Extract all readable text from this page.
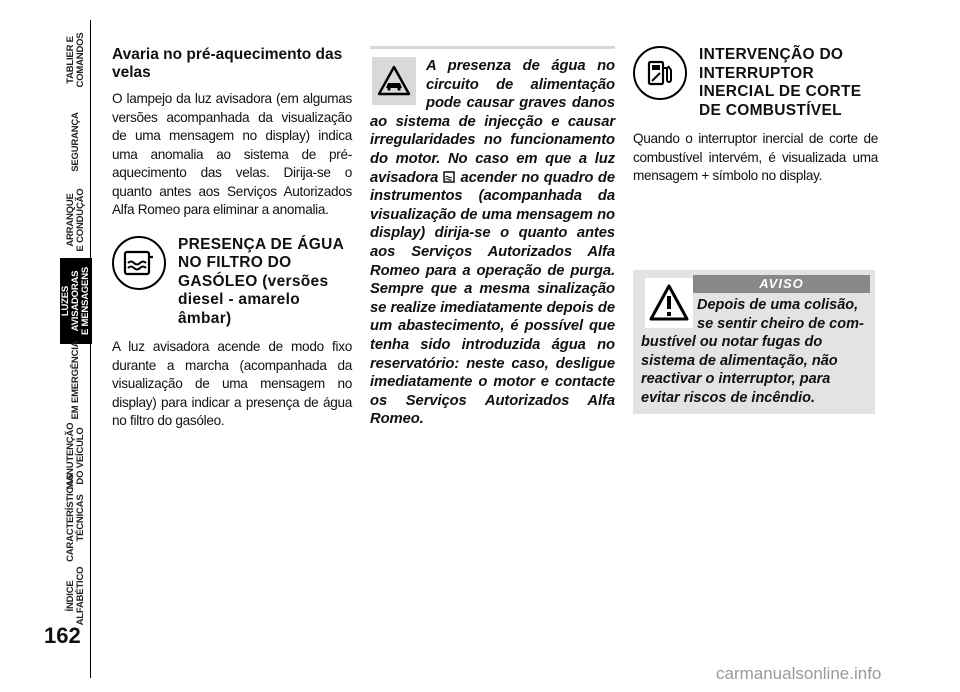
TABLIER E
COMANDOS
SEGURANÇA
ARRANQUE
E CONDUÇÃO
LUZES
AVISADORAS
E MENSAGENS
EM EMERGÊNCIA
MANUTENÇÃO
DO VEÍCULO
CARACTERÍSTICAS
TÉCNICAS
ÍNDICE
ALFABÉTICO
162
Avaria no pré-aquecimento das velas

O lampejo da luz avisadora (em algumas versões acompanhada da visualização de uma mensagem no display) indica uma anomalia ao sistema de pré-aquecimento das velas. Dirija-se o quanto antes aos Serviços Autorizados Alfa Romeo para eliminar a anomalia.

PRESENÇA DE ÁGUA NO FILTRO DO GASÓLEO (versões diesel - amarelo âmbar)

A luz avisadora acende de modo fixo durante a marcha (acompanhada da visualização de uma mensagem no display) para indicar a presença de água no filtro do gasóleo.

A presenza de água no circuito de alimentação pode causar graves danos ao sistema de injecção e causar irregularidades no funcionamento do motor. No caso em que a luz avisadora acender no quadro de instrumentos (acompanhada da visualização de uma mensagem no display) dirija-se o quanto antes aos Serviços Autorizados Alfa Romeo para a operação de purga. Sempre que a mesma sinalização se realize imediatamente depois de um abastecimento, é possível que tenha sido introduzida água no reservatório: neste caso, desligue imediatamente o motor e contacte os Serviços Autorizados Alfa Romeo.

INTERVENÇÃO DO INTERRUPTOR INERCIAL DE CORTE DE COMBUSTÍVEL

Quando o interruptor inercial de corte de combustível intervém, é visualizada uma mensagem + símbolo no display.

AVISO

Depois de uma colisão,
se sentir cheiro de com-
bustível ou notar fugas do sistema de alimentação, não reactivar o interruptor, para evitar riscos de incêndio.

carmanualsonline.info
